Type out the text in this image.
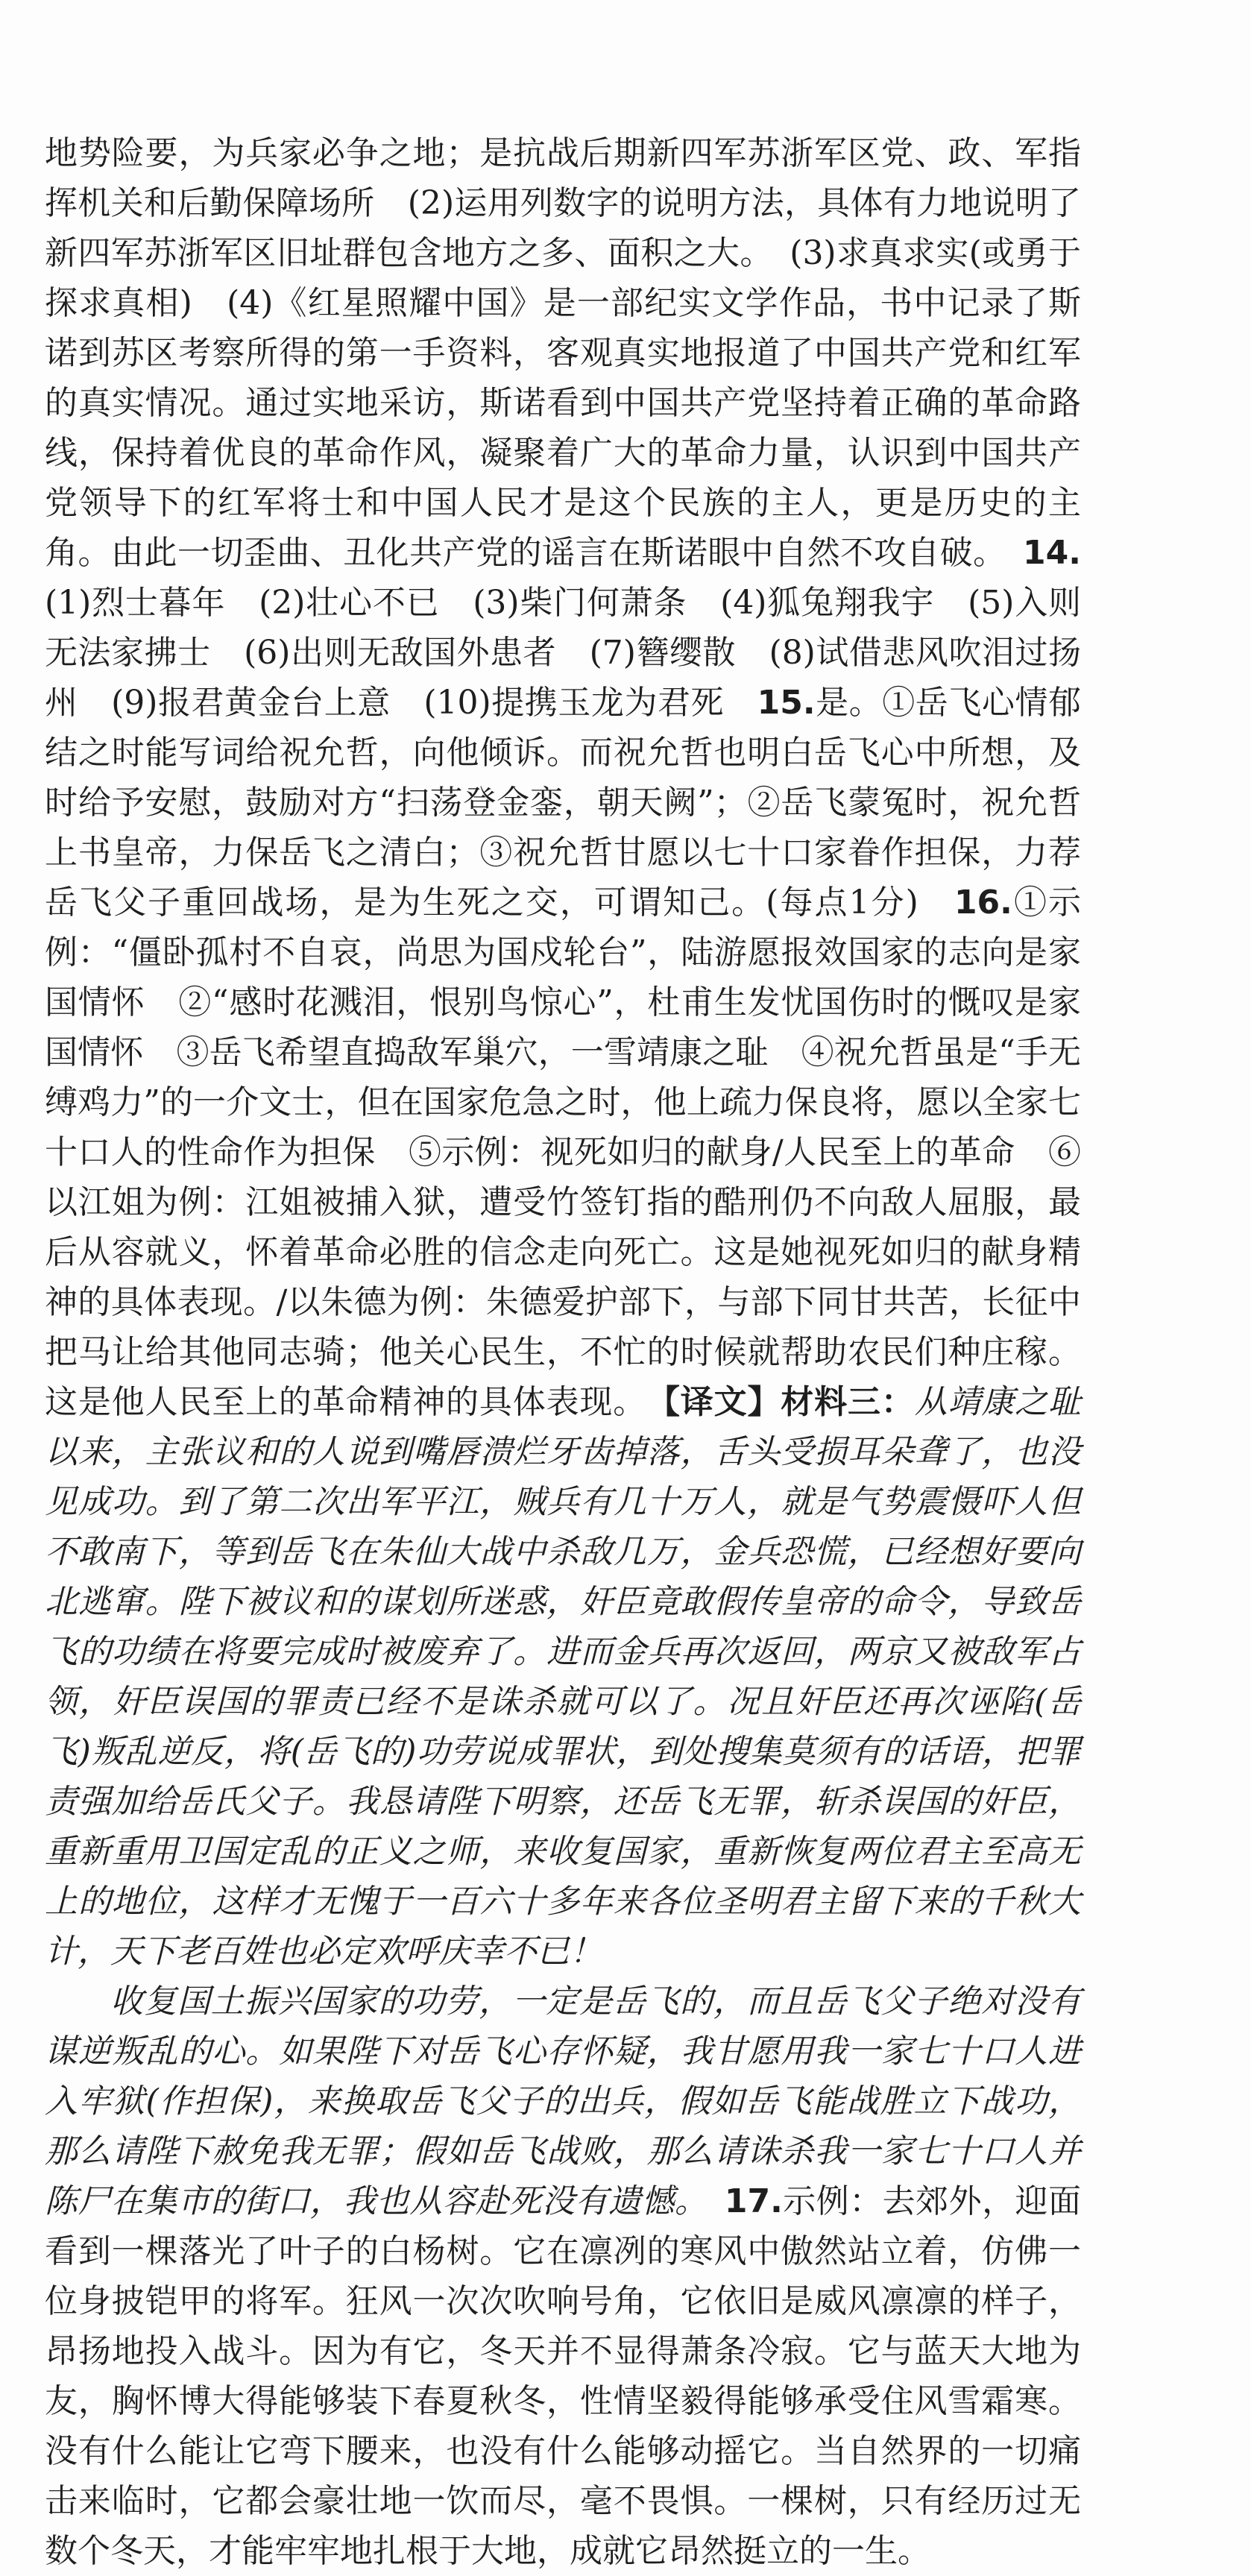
地势险要，为兵家必争之地；是抗战后期新四军苏浙军区党、政、军指挥机关和后勤保障场所　(2)运用列数字的说明方法，具体有力地说明了新四军苏浙军区旧址群包含地方之多、面积之大。　(3)求真求实(或勇于探求真相)　(4)《红星照耀中国》是一部纪实文学作品，书中记录了斯诺到苏区考察所得的第一手资料，客观真实地报道了中国共产党和红军的真实情况。通过实地采访，斯诺看到中国共产党坚持着正确的革命路线，保持着优良的革命作风，凝聚着广大的革命力量，认识到中国共产党领导下的红军将士和中国人民才是这个民族的主人，更是历史的主角。由此一切歪曲、丑化共产党的谣言在斯诺眼中自然不攻自破。　14.(1)烈士暮年　(2)壮心不已　(3)柴门何萧条　(4)狐兔翔我宇　(5)入则无法家拂士　(6)出则无敌国外患者　(7)簪缨散　(8)试借悲风吹泪过扬州　(9)报君黄金台上意　(10)提携玉龙为君死　15.是。①岳飞心情郁结之时能写词给祝允哲，向他倾诉。而祝允哲也明白岳飞心中所想，及时给予安慰，鼓励对方“扫荡登金銮，朝天阙”；②岳飞蒙冤时，祝允哲上书皇帝，力保岳飞之清白；③祝允哲甘愿以七十口家眷作担保，力荐岳飞父子重回战场，是为生死之交，可谓知己。(每点1分)　16.①示例：“僵卧孤村不自哀，尚思为国戍轮台”，陆游愿报效国家的志向是家国情怀　②“感时花溅泪，恨别鸟惊心”，杜甫生发忧国伤时的慨叹是家国情怀　③岳飞希望直捣敌军巢穴，一雪靖康之耻　④祝允哲虽是“手无缚鸡力”的一介文士，但在国家危急之时，他上疏力保良将，愿以全家七十口人的性命作为担保　⑤示例：视死如归的献身/人民至上的革命　⑥以江姐为例：江姐被捕入狱，遭受竹签钉指的酷刑仍不向敌人屈服，最后从容就义，怀着革命必胜的信念走向死亡。这是她视死如归的献身精神的具体表现。/以朱德为例：朱德爱护部下，与部下同甘共苦，长征中把马让给其他同志骑；他关心民生，不忙的时候就帮助农民们种庄稼。这是他人民至上的革命精神的具体表现。　【译文】材料三：从靖康之耻以来，主张议和的人说到嘴唇溃烂牙齿掉落，舌头受损耳朵聋了，也没见成功。到了第二次出军平江，贼兵有几十万人，就是气势震慑吓人但不敢南下，等到岳飞在朱仙大战中杀敌几万，金兵恐慌，已经想好要向北逃窜。陛下被议和的谋划所迷惑，奸臣竟敢假传皇帝的命令，导致岳飞的功绩在将要完成时被废弃了。进而金兵再次返回，两京又被敌军占领，奸臣误国的罪责已经不是诛杀就可以了。况且奸臣还再次诬陷(岳飞)叛乱逆反，将(岳飞的)功劳说成罪状，到处搜集莫须有的话语，把罪责强加给岳氏父子。我恳请陛下明察，还岳飞无罪，斩杀误国的奸臣，重新重用卫国定乱的正义之师，来收复国家，重新恢复两位君主至高无上的地位，这样才无愧于一百六十多年来各位圣明君主留下来的千秋大计，天下老百姓也必定欢呼庆幸不已！

收复国土振兴国家的功劳，一定是岳飞的，而且岳飞父子绝对没有谋逆叛乱的心。如果陛下对岳飞心存怀疑，我甘愿用我一家七十口人进入牢狱(作担保)，来换取岳飞父子的出兵，假如岳飞能战胜立下战功，那么请陛下赦免我无罪；假如岳飞战败，那么请诛杀我一家七十口人并陈尸在集市的街口，我也从容赴死没有遗憾。　17.示例：去郊外，迎面看到一棵落光了叶子的白杨树。它在凛冽的寒风中傲然站立着，仿佛一位身披铠甲的将军。狂风一次次吹响号角，它依旧是威风凛凛的样子，昂扬地投入战斗。因为有它，冬天并不显得萧条冷寂。它与蓝天大地为友，胸怀博大得能够装下春夏秋冬，性情坚毅得能够承受住风雪霜寒。没有什么能让它弯下腰来，也没有什么能够动摇它。当自然界的一切痛击来临时，它都会豪壮地一饮而尽，毫不畏惧。一棵树，只有经历过无数个冬天，才能牢牢地扎根于大地，成就它昂然挺立的一生。
